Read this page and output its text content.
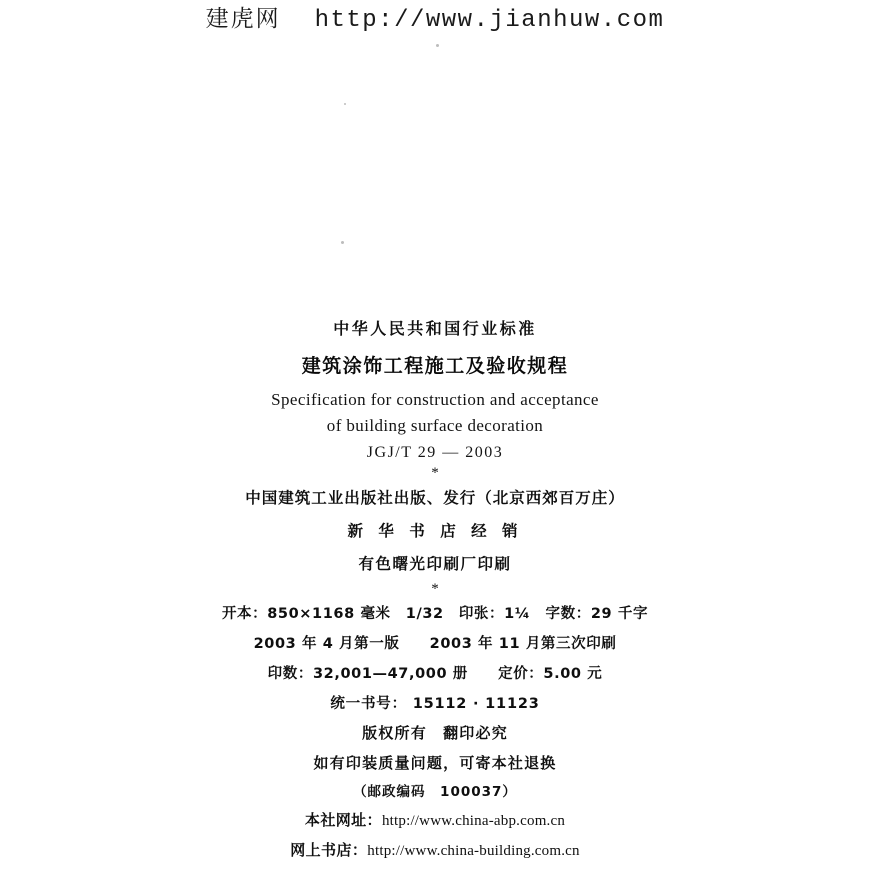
建虎网 http://www.jianhuw.com
中华人民共和国行业标准
建筑涂饰工程施工及验收规程
Specification for construction and acceptance
of building surface decoration
JGJ/T 29 — 2003
*
中国建筑工业出版社出版、发行（北京西郊百万庄）
新 华 书 店 经 销
有色曙光印刷厂印刷
*
开本：850×1168 毫米　1/32　印张：1¼　字数：29 千字
2003 年 4 月第一版　　2003 年 11 月第三次印刷
印数：32,001—47,000 册　　定价：5.00 元
统一书号： 15112 · 11123
版权所有　翻印必究
如有印装质量问题，可寄本社退换
（邮政编码　100037）
本社网址：http://www.china-abp.com.cn
网上书店：http://www.china-building.com.cn
